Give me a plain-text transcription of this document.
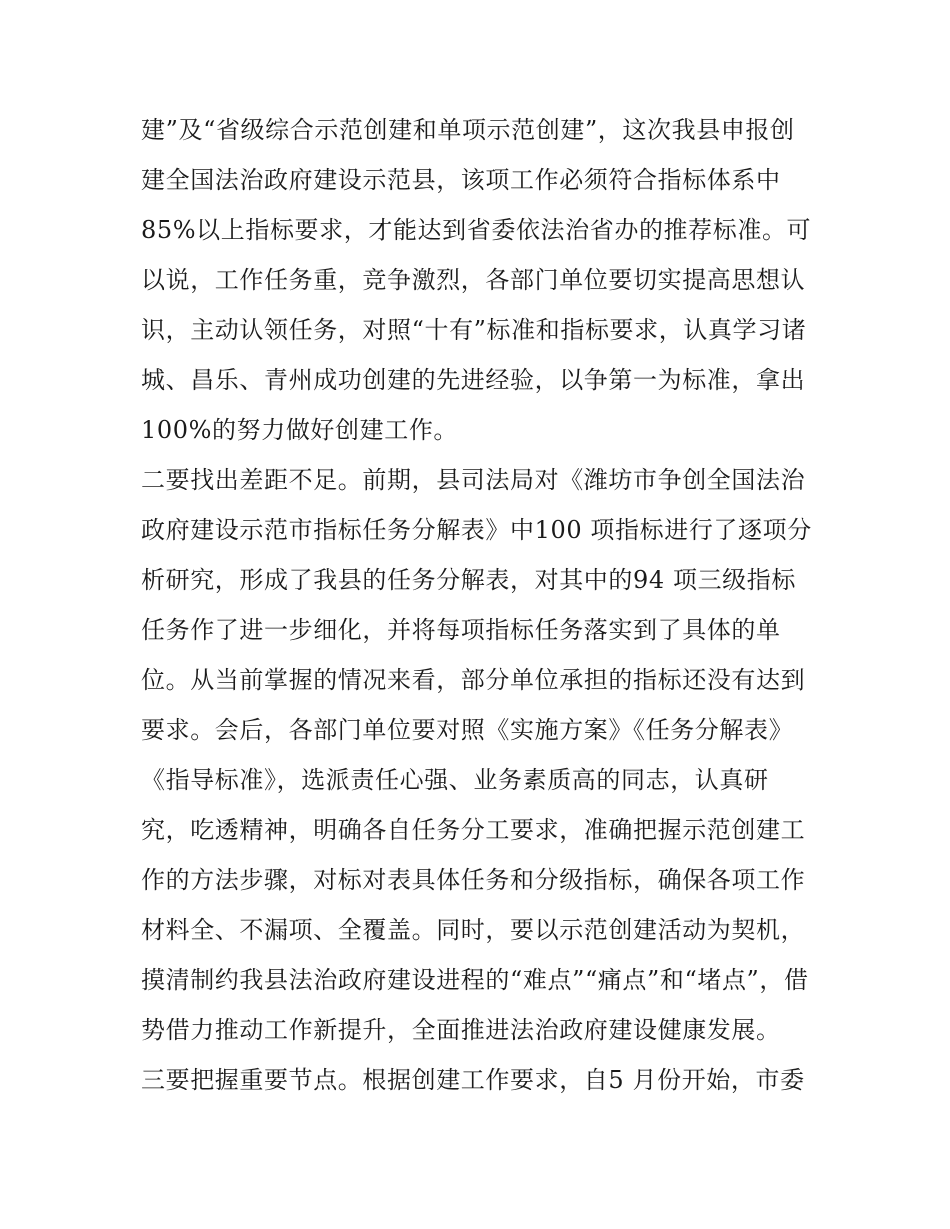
建”及“省级综合示范创建和单项示范创建”，这次我县申报创
建全国法治政府建设示范县，该项工作必须符合指标体系中
85%以上指标要求，才能达到省委依法治省办的推荐标准。可
以说，工作任务重，竞争激烈，各部门单位要切实提高思想认
识，主动认领任务，对照“十有”标准和指标要求，认真学习诸
城、昌乐、青州成功创建的先进经验，以争第一为标准，拿出
100%的努力做好创建工作。
二要找出差距不足。前期，县司法局对《潍坊市争创全国法治
政府建设示范市指标任务分解表》中100 项指标进行了逐项分
析研究，形成了我县的任务分解表，对其中的94 项三级指标
任务作了进一步细化，并将每项指标任务落实到了具体的单
位。从当前掌握的情况来看，部分单位承担的指标还没有达到
要求。会后，各部门单位要对照《实施方案》《任务分解表》
《指导标准》，选派责任心强、业务素质高的同志，认真研
究，吃透精神，明确各自任务分工要求，准确把握示范创建工
作的方法步骤，对标对表具体任务和分级指标，确保各项工作
材料全、不漏项、全覆盖。同时，要以示范创建活动为契机，
摸清制约我县法治政府建设进程的“难点”“痛点”和“堵点”，借
势借力推动工作新提升，全面推进法治政府建设健康发展。
三要把握重要节点。根据创建工作要求，自5 月份开始，市委
